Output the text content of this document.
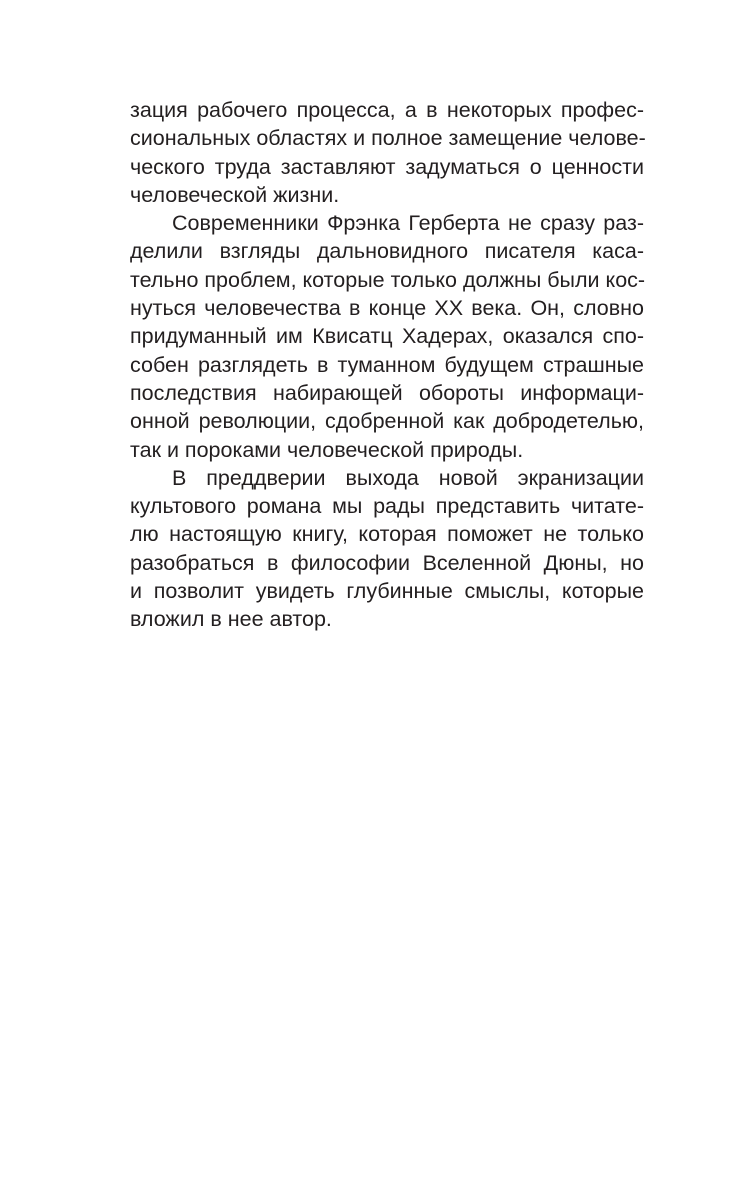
зация рабочего процесса, а в некоторых профес-
сиональных областях и полное замещение челове-
ческого труда заставляют задуматься о ценности
человеческой жизни.
Современники Фрэнка Герберта не сразу раз-
делили взгляды дальновидного писателя каса-
тельно проблем, которые только должны были кос-
нуться человечества в конце XX века. Он, словно
придуманный им Квисатц Хадерах, оказался спо-
собен разглядеть в туманном будущем страшные
последствия набирающей обороты информаци-
онной революции, сдобренной как добродетелью,
так и пороками человеческой природы.
В преддверии выхода новой экранизации
культового романа мы рады представить читате-
лю настоящую книгу, которая поможет не только
разобраться в философии Вселенной Дюны, но
и позволит увидеть глубинные смыслы, которые
вложил в нее автор.
